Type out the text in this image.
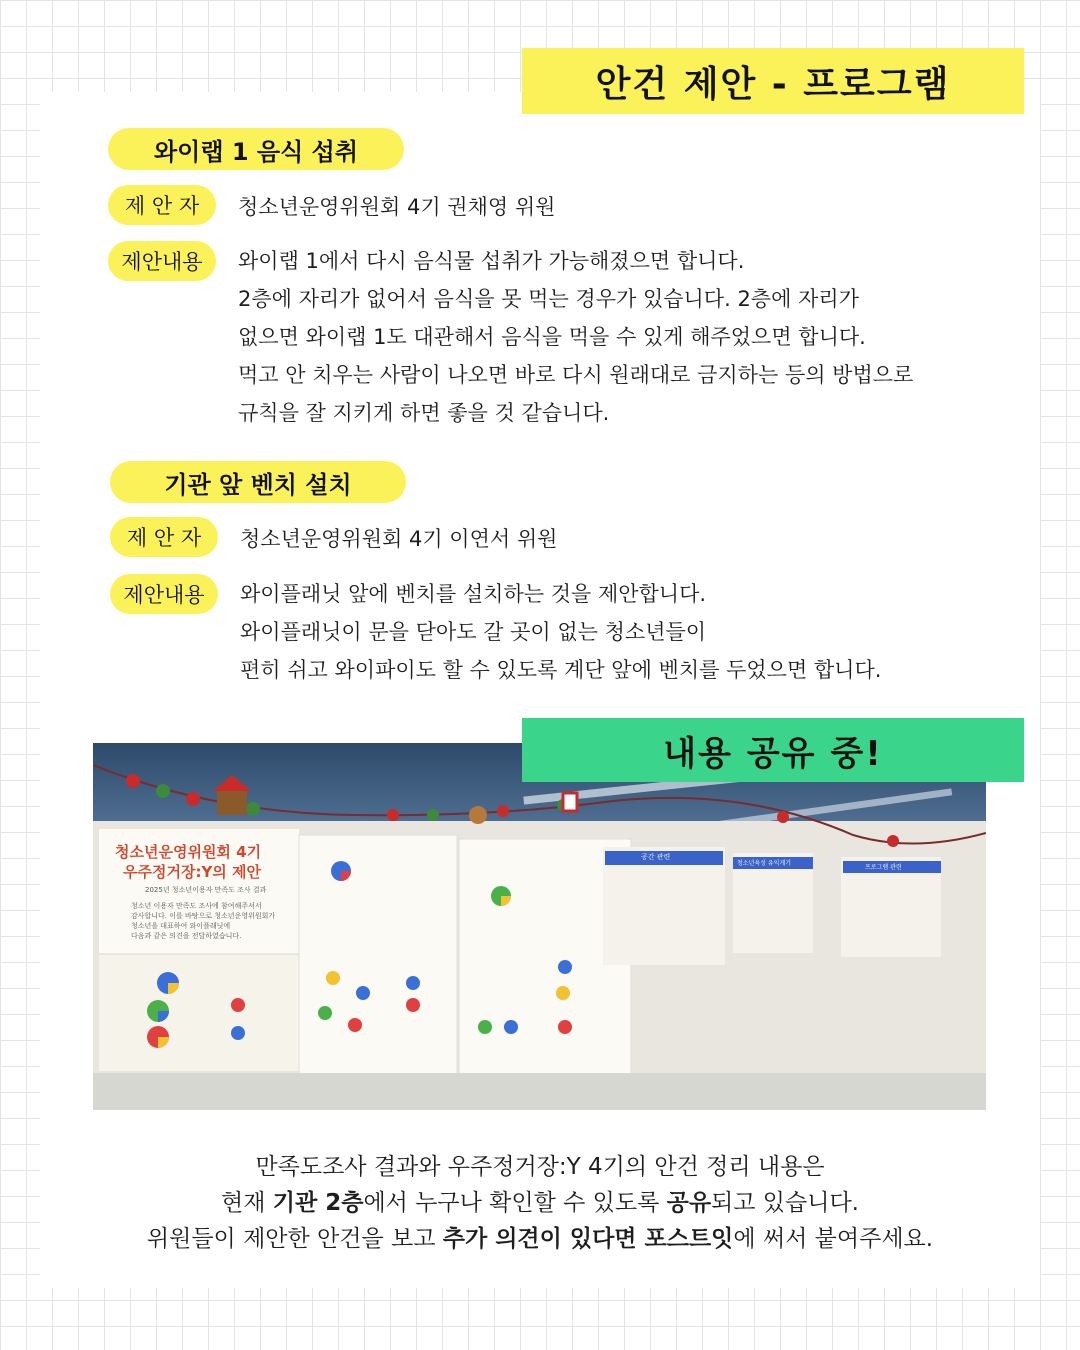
안건 제안 - 프로그램
와이랩 1 음식 섭취
제 안 자	청소년운영위원회 4기 권채영 위원
제안내용	와이랩 1에서 다시 음식물 섭취가 가능해졌으면 합니다.
2층에 자리가 없어서 음식을 못 먹는 경우가 있습니다. 2층에 자리가
없으면 와이랩 1도 대관해서 음식을 먹을 수 있게 해주었으면 합니다.
먹고 안 치우는 사람이 나오면 바로 다시 원래대로 금지하는 등의 방법으로
규칙을 잘 지키게 하면 좋을 것 같습니다.
기관 앞 벤치 설치
제 안 자	청소년운영위원회 4기 이연서 위원
제안내용	와이플래닛 앞에 벤치를 설치하는 것을 제안합니다.
와이플래닛이 문을 닫아도 갈 곳이 없는 청소년들이
편히 쉬고 와이파이도 할 수 있도록 계단 앞에 벤치를 두었으면 합니다.
청소년운영위원회 4기
우주정거장:Y의 제안
2025년 청소년이용자 만족도 조사 결과
청소년 이용자 만족도 조사에 참여해주셔서
감사합니다. 이를 바탕으로 청소년운영위원회가
청소년을 대표하여 와이플래닛에
다음과 같은 의견을 전달하였습니다.
공간 관련
청소년육성 유익게기
프로그램 관련
내용 공유 중!
만족도조사 결과와 우주정거장:Y 4기의 안건 정리 내용은
현재 기관 2층에서 누구나 확인할 수 있도록 공유되고 있습니다.
위원들이 제안한 안건을 보고 추가 의견이 있다면 포스트잇에 써서 붙여주세요.
